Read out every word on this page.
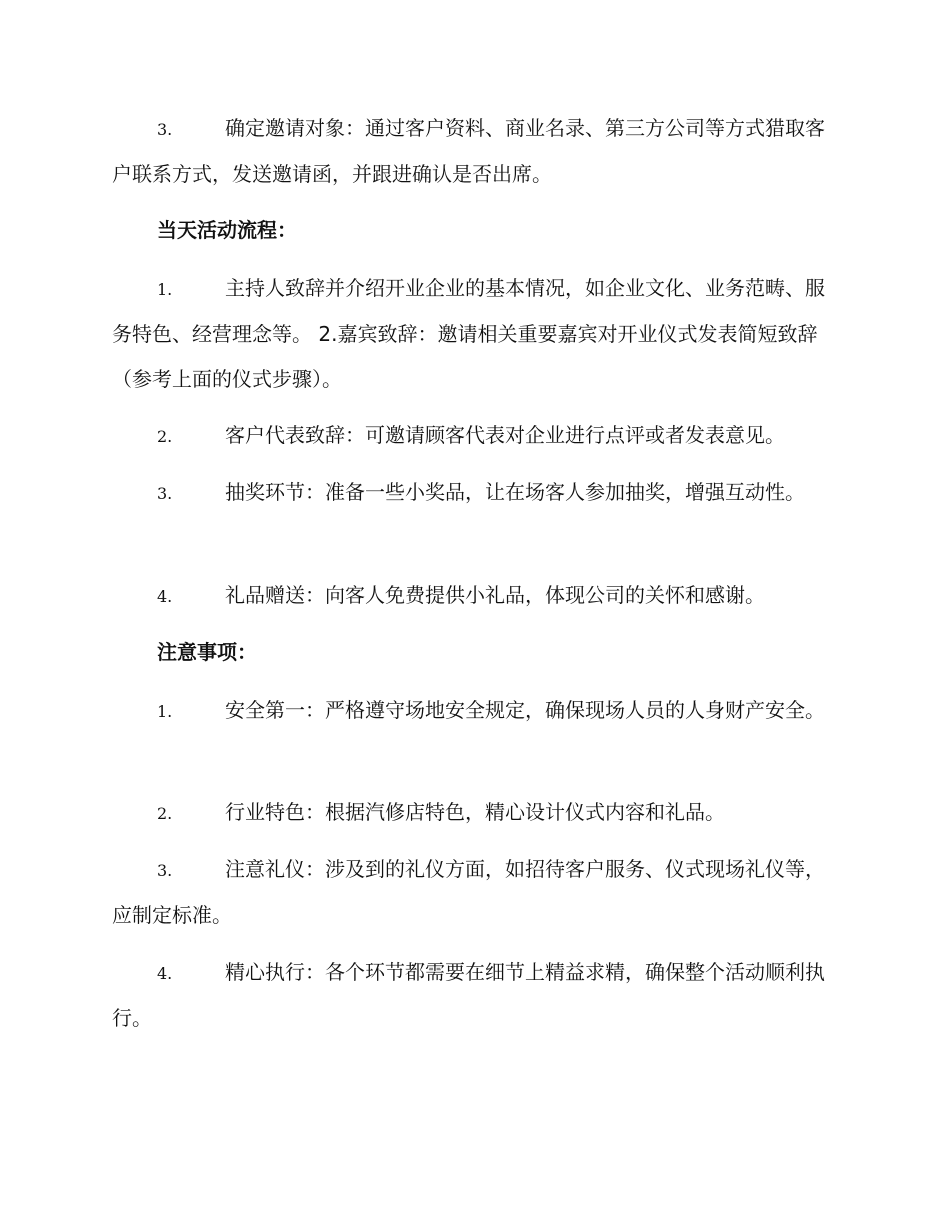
3.	确定邀请对象：通过客户资料、商业名录、第三方公司等方式猎取客户联系方式，发送邀请函，并跟进确认是否出席。
当天活动流程：
1.	主持人致辞并介绍开业企业的基本情况，如企业文化、业务范畴、服务特色、经营理念等。 2.嘉宾致辞：邀请相关重要嘉宾对开业仪式发表简短致辞（参考上面的仪式步骤）。
2.	客户代表致辞：可邀请顾客代表对企业进行点评或者发表意见。
3.	抽奖环节：准备一些小奖品，让在场客人参加抽奖，增强互动性。
4.	礼品赠送：向客人免费提供小礼品，体现公司的关怀和感谢。
注意事项：
1.	安全第一：严格遵守场地安全规定，确保现场人员的人身财产安全。
2.	行业特色：根据汽修店特色，精心设计仪式内容和礼品。
3.	注意礼仪：涉及到的礼仪方面，如招待客户服务、仪式现场礼仪等，应制定标准。
4.	精心执行：各个环节都需要在细节上精益求精，确保整个活动顺利执行。
